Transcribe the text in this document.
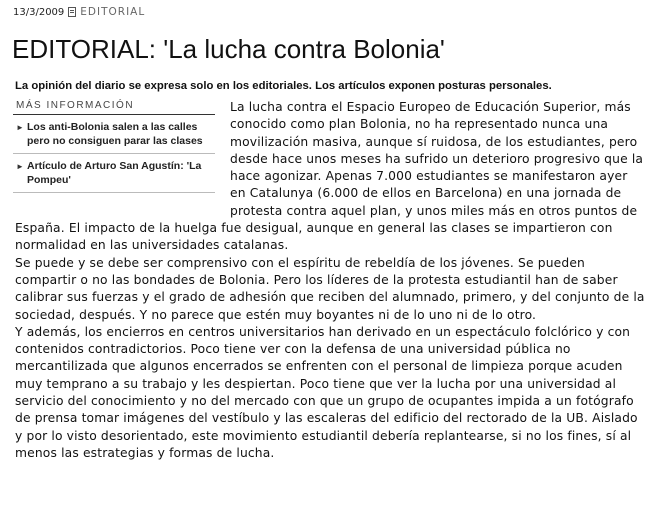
13/3/2009 EDITORIAL
EDITORIAL: 'La lucha contra Bolonia'

La opinión del diario se expresa solo en los editoriales. Los artículos exponen posturas personales.

MÁS INFORMACIÓN
► Los anti-Bolonia salen a las calles pero no consiguen parar las clases
► Artículo de Arturo San Agustín: 'La Pompeu'

La lucha contra el Espacio Europeo de Educación Superior, más conocido como plan Bolonia, no ha representado nunca una movilización masiva, aunque sí ruidosa, de los estudiantes, pero desde hace unos meses ha sufrido un deterioro progresivo que la hace agonizar. Apenas 7.000 estudiantes se manifestaron ayer en Catalunya (6.000 de ellos en Barcelona) en una jornada de protesta contra aquel plan, y unos miles más en otros puntos de España. El impacto de la huelga fue desigual, aunque en general las clases se impartieron con normalidad en las universidades catalanas.

Se puede y se debe ser comprensivo con el espíritu de rebeldía de los jóvenes. Se pueden compartir o no las bondades de Bolonia. Pero los líderes de la protesta estudiantil han de saber calibrar sus fuerzas y el grado de adhesión que reciben del alumnado, primero, y del conjunto de la sociedad, después. Y no parece que estén muy boyantes ni de lo uno ni de lo otro.

Y además, los encierros en centros universitarios han derivado en un espectáculo folclórico y con contenidos contradictorios. Poco tiene ver con la defensa de una universidad pública no mercantilizada que algunos encerrados se enfrenten con el personal de limpieza porque acuden muy temprano a su trabajo y les despiertan. Poco tiene que ver la lucha por una universidad al servicio del conocimiento y no del mercado con que un grupo de ocupantes impida a un fotógrafo de prensa tomar imágenes del vestíbulo y las escaleras del edificio del rectorado de la UB. Aislado y por lo visto desorientado, este movimiento estudiantil debería replantearse, si no los fines, sí al menos las estrategias y formas de lucha.
